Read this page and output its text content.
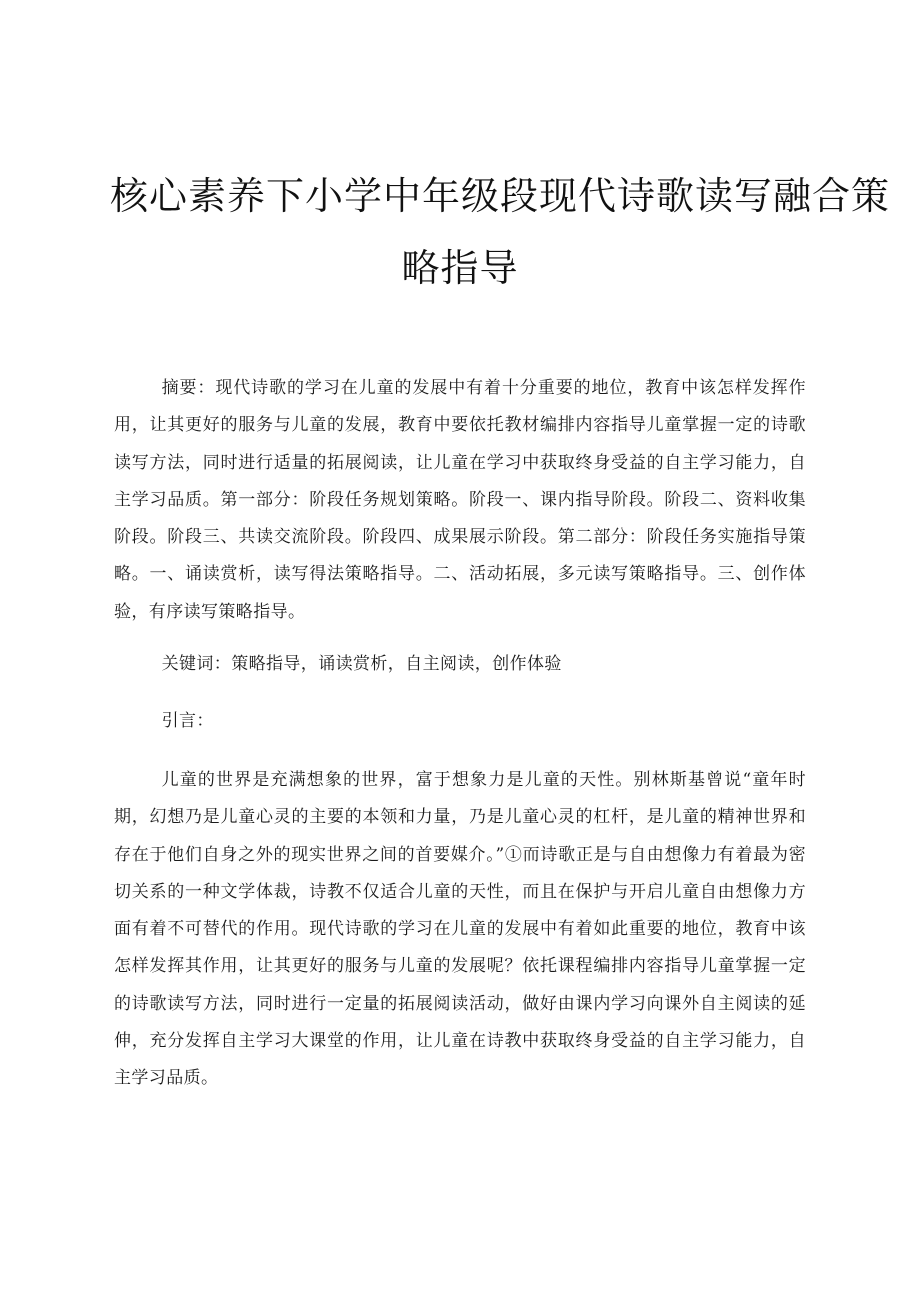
核心素养下小学中年级段现代诗歌读写融合策
略指导

摘要：现代诗歌的学习在儿童的发展中有着十分重要的地位，教育中该怎样发挥作用，让其更好的服务与儿童的发展，教育中要依托教材编排内容指导儿童掌握一定的诗歌读写方法，同时进行适量的拓展阅读，让儿童在学习中获取终身受益的自主学习能力，自主学习品质。第一部分：阶段任务规划策略。阶段一、课内指导阶段。阶段二、资料收集阶段。阶段三、共读交流阶段。阶段四、成果展示阶段。第二部分：阶段任务实施指导策略。一、诵读赏析，读写得法策略指导。二、活动拓展，多元读写策略指导。三、创作体验，有序读写策略指导。

关键词：策略指导，诵读赏析，自主阅读，创作体验

引言：

儿童的世界是充满想象的世界，富于想象力是儿童的天性。别林斯基曾说“童年时期，幻想乃是儿童心灵的主要的本领和力量，乃是儿童心灵的杠杆，是儿童的精神世界和存在于他们自身之外的现实世界之间的首要媒介。”①而诗歌正是与自由想像力有着最为密切关系的一种文学体裁，诗教不仅适合儿童的天性，而且在保护与开启儿童自由想像力方面有着不可替代的作用。现代诗歌的学习在儿童的发展中有着如此重要的地位，教育中该怎样发挥其作用，让其更好的服务与儿童的发展呢？依托课程编排内容指导儿童掌握一定的诗歌读写方法，同时进行一定量的拓展阅读活动，做好由课内学习向课外自主阅读的延伸，充分发挥自主学习大课堂的作用，让儿童在诗教中获取终身受益的自主学习能力，自主学习品质。
